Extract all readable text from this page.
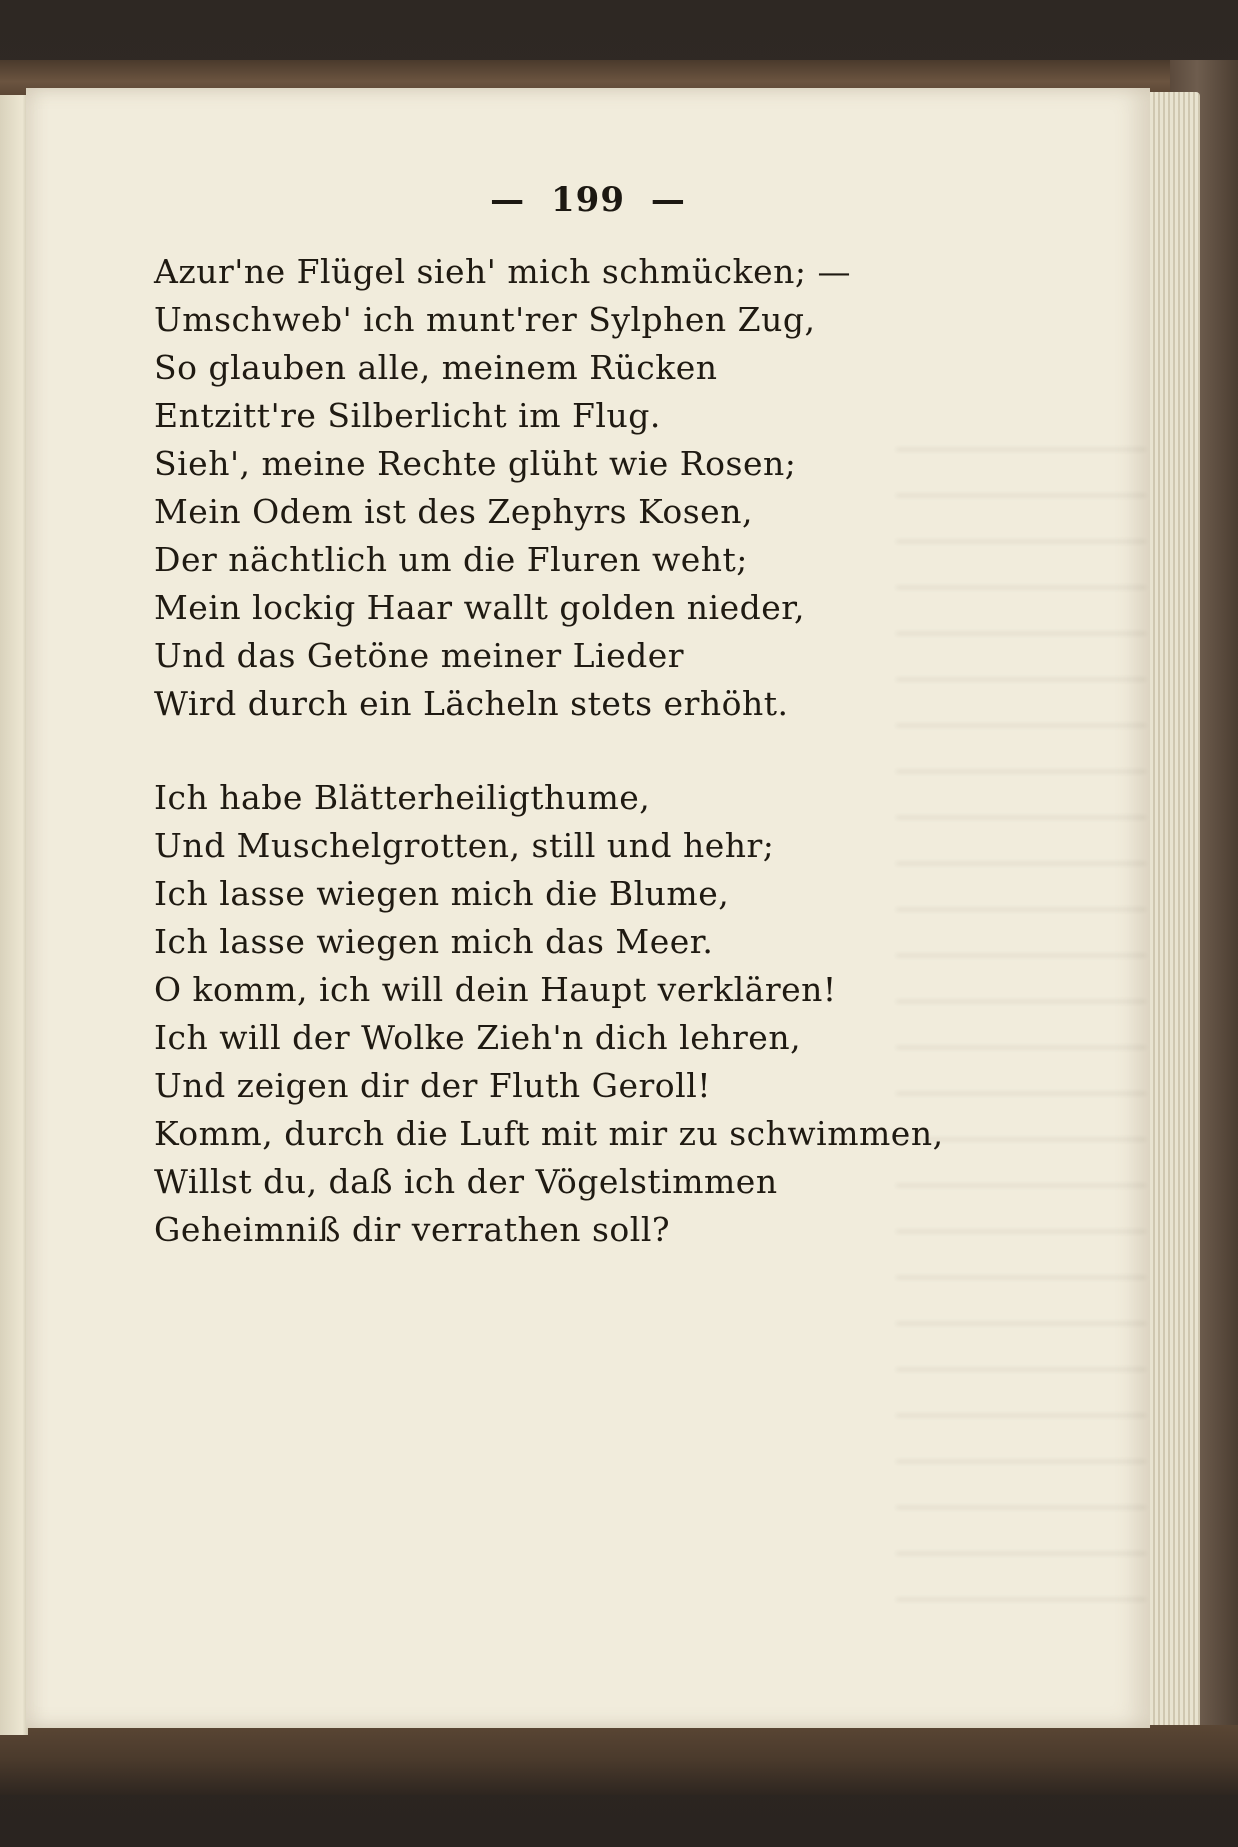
— 199 —
Azur'ne Flügel sieh' mich schmücken; —
Umschweb' ich munt'rer Sylphen Zug,
So glauben alle, meinem Rücken
Entzitt're Silberlicht im Flug.
Sieh', meine Rechte glüht wie Rosen;
Mein Odem ist des Zephyrs Kosen,
Der nächtlich um die Fluren weht;
Mein lockig Haar wallt golden nieder,
Und das Getöne meiner Lieder
Wird durch ein Lächeln stets erhöht.
Ich habe Blätterheiligthume,
Und Muschelgrotten, still und hehr;
Ich lasse wiegen mich die Blume,
Ich lasse wiegen mich das Meer.
O komm, ich will dein Haupt verklären!
Ich will der Wolke Zieh'n dich lehren,
Und zeigen dir der Fluth Geroll!
Komm, durch die Luft mit mir zu schwimmen,
Willst du, daß ich der Vögelstimmen
Geheimniß dir verrathen soll?
